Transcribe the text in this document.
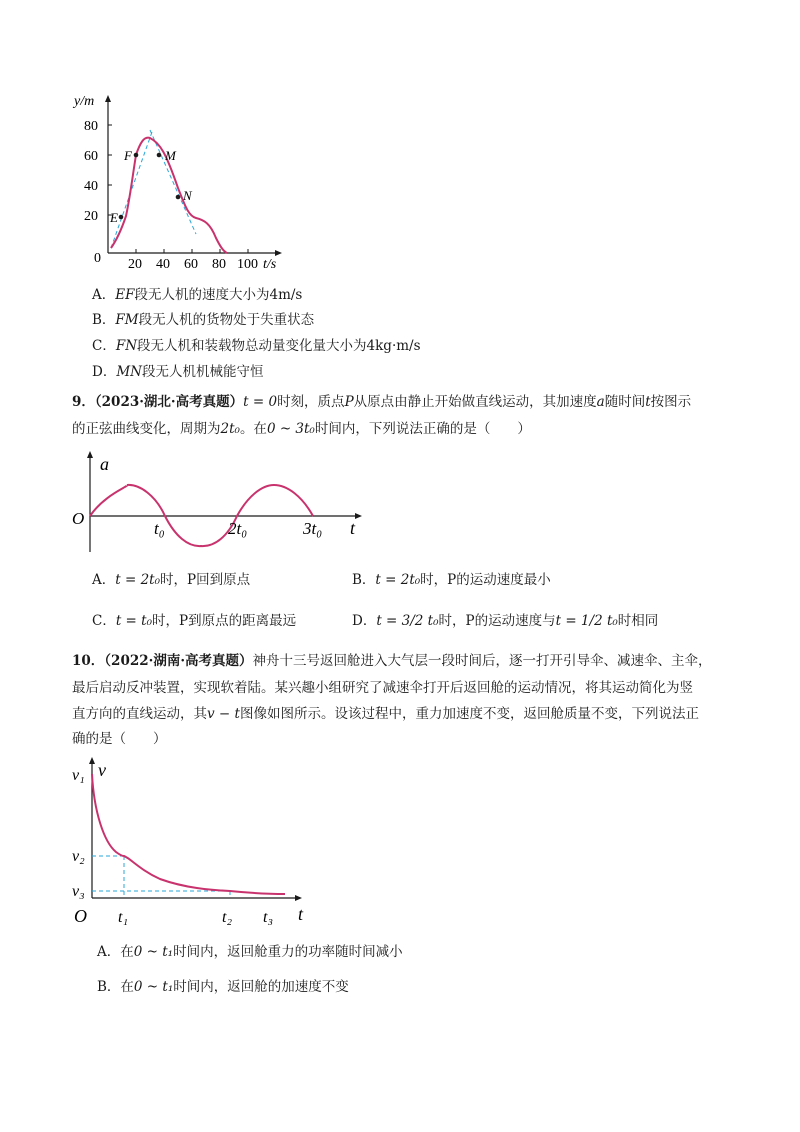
y/m
80
60
40
20
0 20 40 60 80 100 t/s
E
F	M
N
A．EF段无人机的速度大小为4m/s
B．FM段无人机的货物处于失重状态
C．FN段无人机和装载物总动量变化量大小为4kg·m/s
D．MN段无人机机械能守恒
9．（2023·湖北·高考真题）t = 0时刻，质点P从原点由静止开始做直线运动，其加速度a随时间t按图示
的正弦曲线变化，周期为2t₀。在0 ~ 3t₀时间内，下列说法正确的是（　　）
a
O
t₀	2t₀	3t₀ t
A．t = 2t₀时，P回到原点	B．t = 2t₀时，P的运动速度最小
C．t = t₀时，P到原点的距离最远	D．t = 3/2 t₀时，P的运动速度与t = 1/2 t₀时相同
10．（2022·湖南·高考真题）神舟十三号返回舱进入大气层一段时间后，逐一打开引导伞、减速伞、主伞，
最后启动反冲装置，实现软着陆。某兴趣小组研究了减速伞打开后返回舱的运动情况，将其运动简化为竖
直方向的直线运动，其v − t图像如图所示。设该过程中，重力加速度不变，返回舱质量不变，下列说法正
确的是（　　）
v
v₁
v₂
v₃
O t₁	t₂ t₃ t
A．在0 ~ t₁时间内，返回舱重力的功率随时间减小
B．在0 ~ t₁时间内，返回舱的加速度不变
